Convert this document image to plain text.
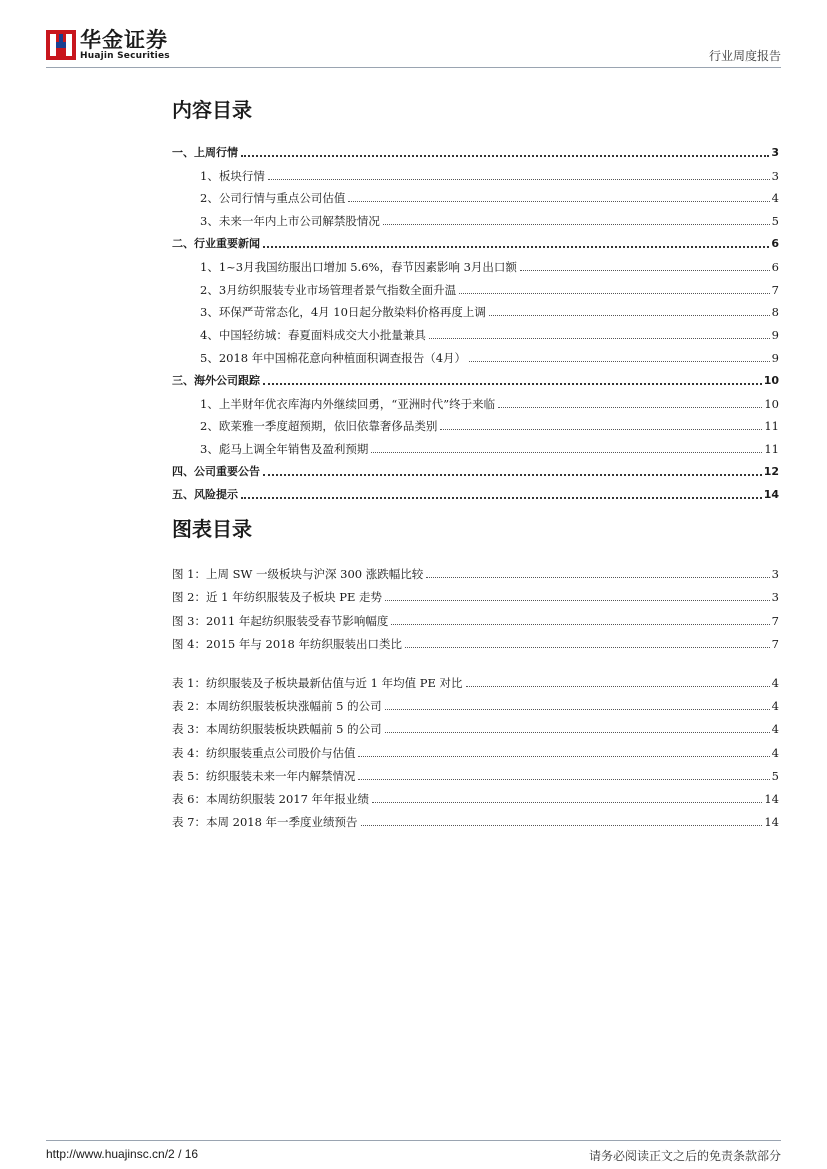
华金证券
Huajin Securities	行业周度报告
内容目录
一、上周行情	3
1、板块行情	3
2、公司行情与重点公司估值	4
3、未来一年内上市公司解禁股情况	5
二、行业重要新闻	6
1、1~3月我国纺服出口增加 5.6%，春节因素影响 3月出口额	6
2、3月纺织服装专业市场管理者景气指数全面升温	7
3、环保严苛常态化，4月 10日起分散染料价格再度上调	8
4、中国轻纺城：春夏面料成交大小批量兼具	9
5、2018 年中国棉花意向种植面积调查报告（4月）	9
三、海外公司跟踪	10
1、上半财年优衣库海内外继续回勇，“亚洲时代”终于来临	10
2、欧莱雅一季度超预期，依旧依靠奢侈品类别	11
3、彪马上调全年销售及盈利预期	11
四、公司重要公告	12
五、风险提示	14
图表目录
图 1：上周 SW 一级板块与沪深 300 涨跌幅比较	3
图 2：近 1 年纺织服装及子板块 PE 走势	3
图 3：2011 年起纺织服装受春节影响幅度	7
图 4：2015 年与 2018 年纺织服装出口类比	7
表 1：纺织服装及子板块最新估值与近 1 年均值 PE 对比	4
表 2：本周纺织服装板块涨幅前 5 的公司	4
表 3：本周纺织服装板块跌幅前 5 的公司	4
表 4：纺织服装重点公司股价与估值	4
表 5：纺织服装未来一年内解禁情况	5
表 6：本周纺织服装 2017 年年报业绩	14
表 7：本周 2018 年一季度业绩预告	14
http://www.huajinsc.cn/2 / 16	请务必阅读正文之后的免责条款部分
